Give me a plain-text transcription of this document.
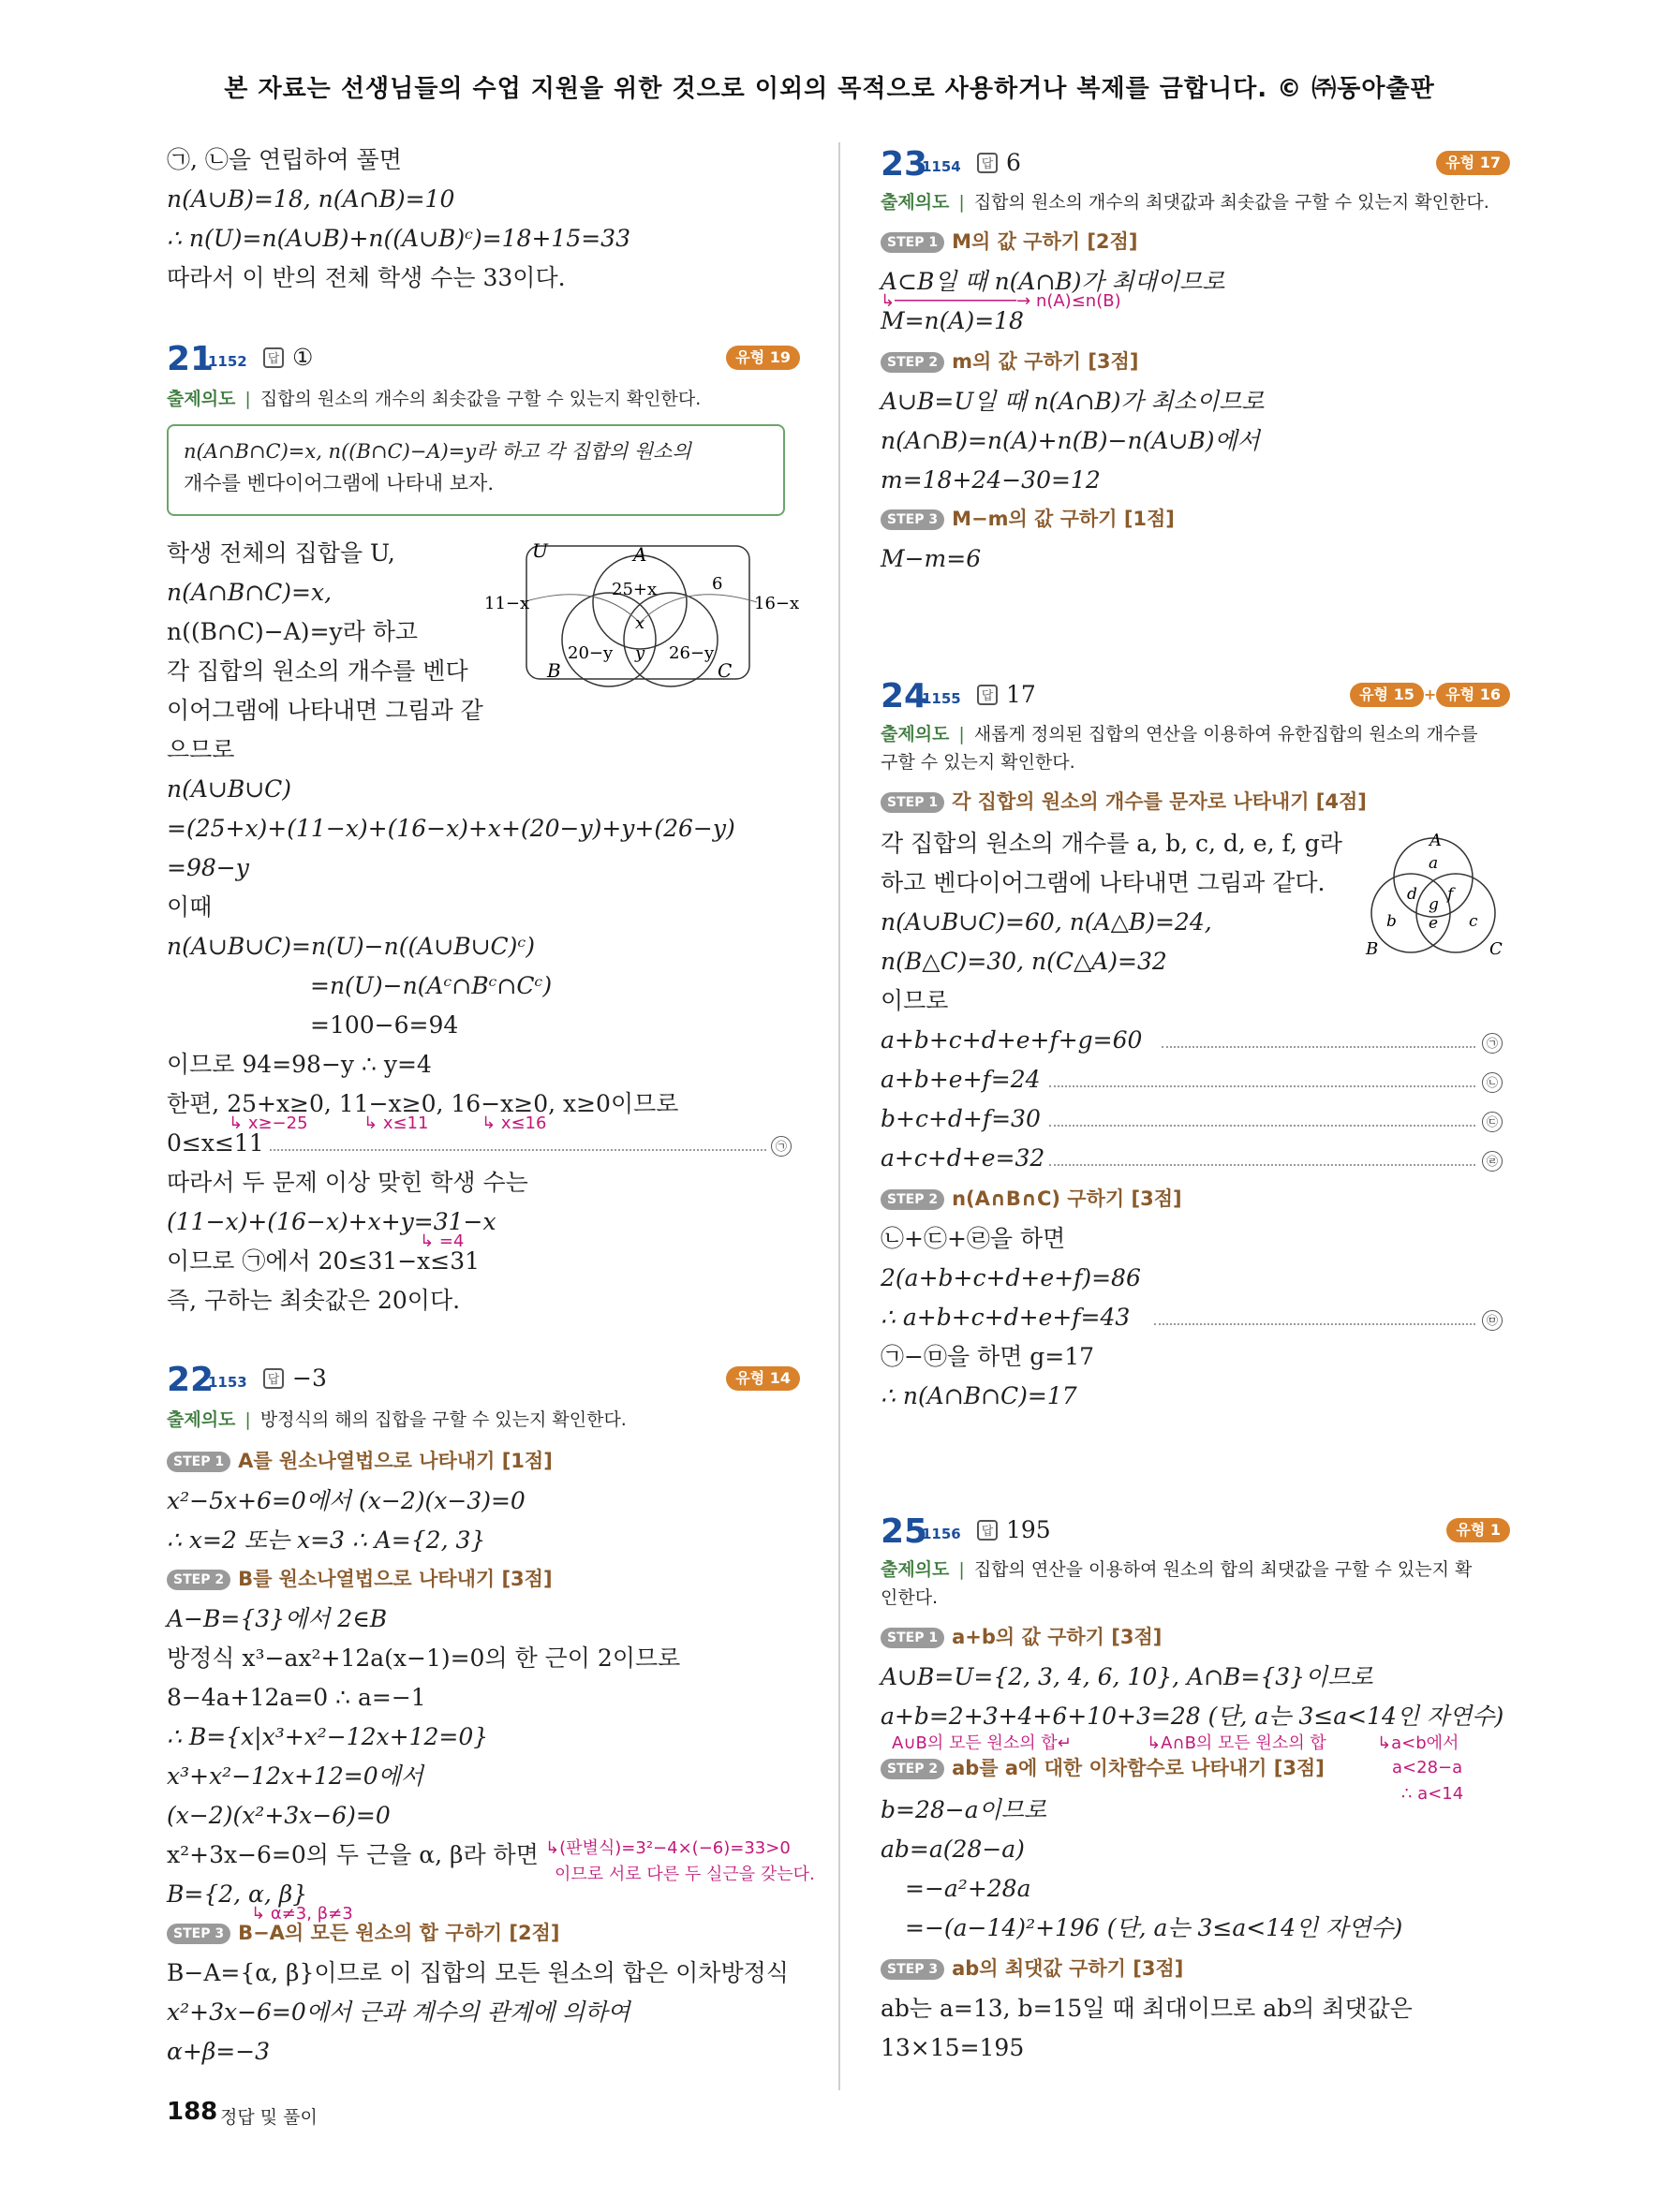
본 자료는 선생님들의 수업 지원을 위한 것으로 이외의 목적으로 사용하거나 복제를 금합니다. © ㈜동아출판
㉠, ㉡을 연립하여 풀면
n(A∪B)=18, n(A∩B)=10
∴ n(U)=n(A∪B)+n((A∪B)ᶜ)=18+15=33
따라서 이 반의 전체 학생 수는 33이다.
21
1152	답 ①	유형 19
출제의도 | 집합의 원소의 개수의 최솟값을 구할 수 있는지 확인한다.
n(A∩B∩C)=x, n((B∩C)−A)=y라 하고 각 집합의 원소의
개수를 벤다이어그램에 나타내 보자.
학생 전체의 집합을 U,
n(A∩B∩C)=x,
n((B∩C)−A)=y라 하고
각 집합의 원소의 개수를 벤다
이어그램에 나타내면 그림과 같
으므로
U	A
B	C
25+x	6
11−x	16−x
x
20−y y 26−y
n(A∪B∪C)
=(25+x)+(11−x)+(16−x)+x+(20−y)+y+(26−y)
=98−y
이때
n(A∪B∪C)=n(U)−n((A∪B∪C)ᶜ)
=n(U)−n(Aᶜ∩Bᶜ∩Cᶜ)
=100−6=94
이므로 94=98−y ∴ y=4
한편, 25+x≥0, 11−x≥0, 16−x≥0, x≥0이므로
↳ x≥−25	↳ x≤11	↳ x≤16
0≤x≤11	㉠
따라서 두 문제 이상 맞힌 학생 수는
(11−x)+(16−x)+x+y=31−x
↳ =4
이므로 ㉠에서 20≤31−x≤31
즉, 구하는 최솟값은 20이다.
22
1153	답 −3	유형 14
출제의도 | 방정식의 해의 집합을 구할 수 있는지 확인한다.
STEP 1 A를 원소나열법으로 나타내기 [1점]
x²−5x+6=0에서 (x−2)(x−3)=0
∴ x=2 또는 x=3 ∴ A={2, 3}
STEP 2 B를 원소나열법으로 나타내기 [3점]
A−B={3}에서 2∈B
방정식 x³−ax²+12a(x−1)=0의 한 근이 2이므로
8−4a+12a=0 ∴ a=−1
∴ B={x|x³+x²−12x+12=0}
x³+x²−12x+12=0에서
(x−2)(x²+3x−6)=0
x²+3x−6=0의 두 근을 α, β라 하면 ↳(판별식)=3²−4×(−6)=33>0
이므로 서로 다른 두 실근을 갖는다.
B={2, α, β}
↳ α≠3, β≠3
STEP 3 B−A의 모든 원소의 합 구하기 [2점]
B−A={α, β}이므로 이 집합의 모든 원소의 합은 이차방정식
x²+3x−6=0에서 근과 계수의 관계에 의하여
α+β=−3
23
1154	답 6	유형 17
출제의도 | 집합의 원소의 개수의 최댓값과 최솟값을 구할 수 있는지 확인한다.
STEP 1 M의 값 구하기 [2점]
A⊂B일 때 n(A∩B)가 최대이므로
↳────────────→ n(A)≤n(B)
M=n(A)=18
STEP 2 m의 값 구하기 [3점]
A∪B=U일 때 n(A∩B)가 최소이므로
n(A∩B)=n(A)+n(B)−n(A∪B)에서
m=18+24−30=12
STEP 3 M−m의 값 구하기 [1점]
M−m=6
24
1155	답 17	유형 15 + 유형 16
출제의도 | 새롭게 정의된 집합의 연산을 이용하여 유한집합의 원소의 개수를
구할 수 있는지 확인한다.
STEP 1 각 집합의 원소의 개수를 문자로 나타내기 [4점]
각 집합의 원소의 개수를 a, b, c, d, e, f, g라
하고 벤다이어그램에 나타내면 그림과 같다.
n(A∪B∪C)=60, n(A△B)=24,
n(B△C)=30, n(C△A)=32
이므로
A
B	C
a
d f
g
b e c
a+b+c+d+e+f+g=60	㉠
a+b+e+f=24	㉡
b+c+d+f=30	㉢
a+c+d+e=32	㉣
STEP 2 n(A∩B∩C) 구하기 [3점]
㉡+㉢+㉣을 하면
2(a+b+c+d+e+f)=86
∴ a+b+c+d+e+f=43	㉤
㉠−㉤을 하면 g=17
∴ n(A∩B∩C)=17
25
1156	답 195	유형 1
출제의도 | 집합의 연산을 이용하여 원소의 합의 최댓값을 구할 수 있는지 확
인한다.
STEP 1 a+b의 값 구하기 [3점]
A∪B=U={2, 3, 4, 6, 10}, A∩B={3}이므로
a+b=2+3+4+6+10+3=28 (단, a는 3≤a<14인 자연수)
A∪B의 모든 원소의 합↵	↳A∩B의 모든 원소의 합	↳a<b에서
STEP 2 ab를 a에 대한 이차함수로 나타내기 [3점]	a<28−a
∴ a<14
b=28−a이므로
ab=a(28−a)
=−a²+28a
=−(a−14)²+196 (단, a는 3≤a<14인 자연수)
STEP 3 ab의 최댓값 구하기 [3점]
ab는 a=13, b=15일 때 최대이므로 ab의 최댓값은
13×15=195
188 정답 및 풀이
